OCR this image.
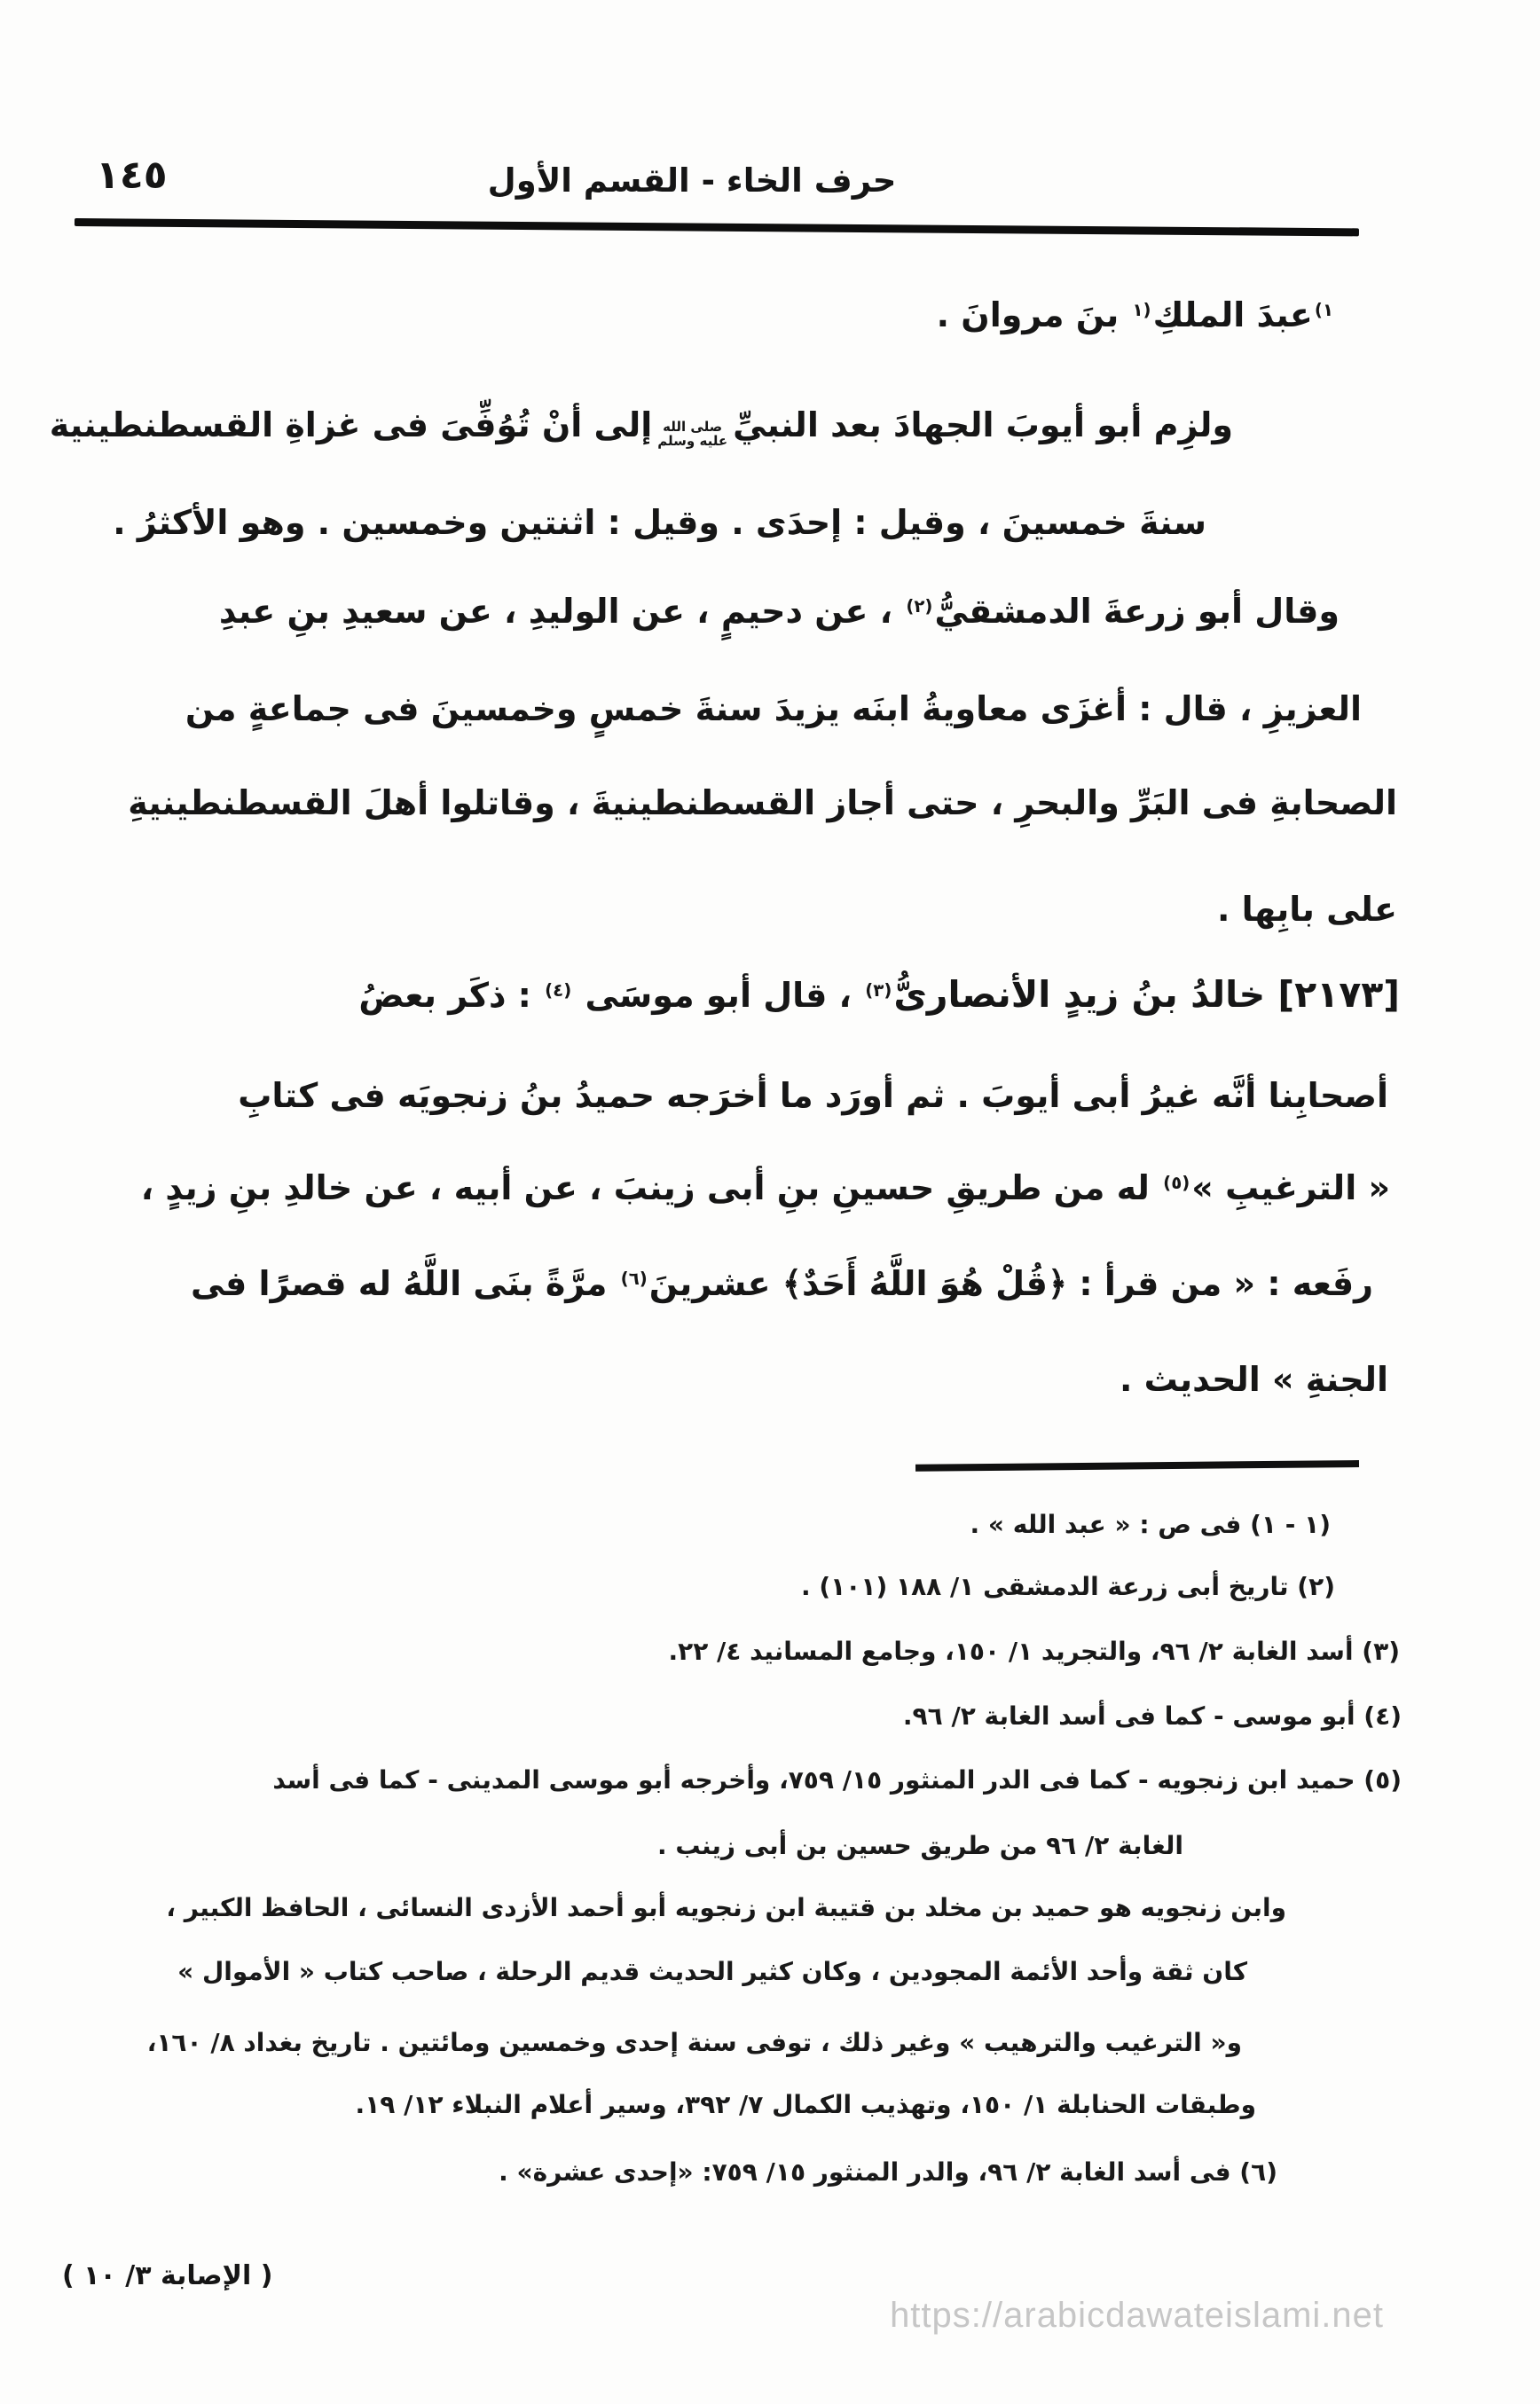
١٤٥	حرف الخاء - القسم الأول
$^{(١}$عبدَ الملكِ$^{١)}$ بنَ مروانَ .
ولزِم أبو أيوبَ الجهادَ بعد النبيِّ
صلى الله
عليه وسلم
إلى أنْ تُوُفِّىَ فى غزاةِ القسطنطينية
سنةَ خمسينَ ، وقيل : إحدَى . وقيل : اثنتين وخمسين . وهو الأكثرُ .
وقال أبو زرعةَ الدمشقيُّ$^{(٢)}$ ، عن دحيمٍ ، عن الوليدِ ، عن سعيدِ بنِ عبدِ
العزيزِ ، قال : أغزَى معاويةُ ابنَه يزيدَ سنةَ خمسٍ وخمسينَ فى جماعةٍ من
الصحابةِ فى البَرِّ والبحرِ ، حتى أجاز القسطنطينيةَ ، وقاتلوا أهلَ القسطنطينيةِ
على بابِها .
[٢١٧٣] خالدُ بنُ زيدٍ الأنصارىُّ$^{(٣)}$ ، قال أبو موسَى $^{(٤)}$ : ذكَر بعضُ
أصحابِنا أنَّه غيرُ أبى أيوبَ . ثم أورَد ما أخرَجه حميدُ بنُ زنجويَه فى كتابِ
« الترغيبِ »$^{(٥)}$ له من طريقِ حسينِ بنِ أبى زينبَ ، عن أبيه ، عن خالدِ بنِ زيدٍ ،
رفَعه : « من قرأ : ﴿قُلْ هُوَ اللَّهُ أَحَدٌ﴾ عشرينَ$^{(٦)}$ مرَّةً بنَى اللَّهُ له قصرًا فى
الجنةِ » الحديث .
(١ - ١) فى ص : « عبد الله » .
(٢) تاريخ أبى زرعة الدمشقى ١/ ١٨٨ (١٠١) .
(٣) أسد الغابة ٢/ ٩٦، والتجريد ١/ ١٥٠، وجامع المسانيد ٤/ ٢٢.
(٤) أبو موسى - كما فى أسد الغابة ٢/ ٩٦.
(٥) حميد ابن زنجويه - كما فى الدر المنثور ١٥/ ٧٥٩، وأخرجه أبو موسى المدينى - كما فى أسد
الغابة ٢/ ٩٦ من طريق حسين بن أبى زينب .
وابن زنجويه هو حميد بن مخلد بن قتيبة ابن زنجويه أبو أحمد الأزدى النسائى ، الحافظ الكبير ،
كان ثقة وأحد الأئمة المجودين ، وكان كثير الحديث قديم الرحلة ، صاحب كتاب « الأموال »
و« الترغيب والترهيب » وغير ذلك ، توفى سنة إحدى وخمسين ومائتين . تاريخ بغداد ٨/ ١٦٠،
وطبقات الحنابلة ١/ ١٥٠، وتهذيب الكمال ٧/ ٣٩٢، وسير أعلام النبلاء ١٢/ ١٩.
(٦) فى أسد الغابة ٢/ ٩٦، والدر المنثور ١٥/ ٧٥٩: «إحدى عشرة» .
( الإصابة ٣/ ١٠ )
https://arabicdawateislami.net
